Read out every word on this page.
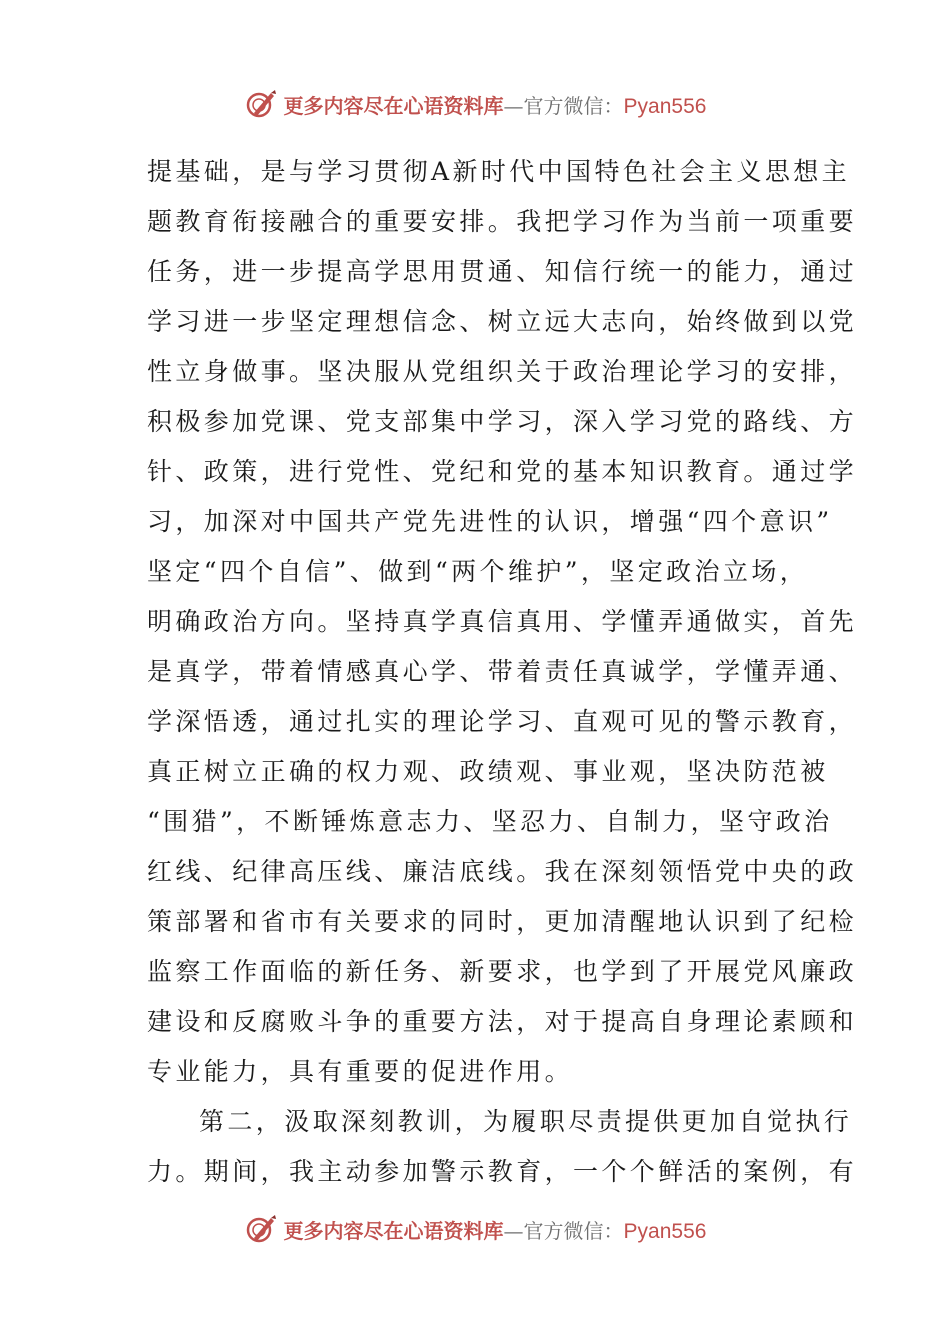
更多内容尽在心语资料库 — 官方微信： Pyan556
提基础，是与学习贯彻A新时代中国特色社会主义思想主
题教育衔接融合的重要安排。我把学习作为当前一项重要
任务，进一步提高学思用贯通、知信行统一的能力，通过
学习进一步坚定理想信念、树立远大志向，始终做到以党
性立身做事。坚决服从党组织关于政治理论学习的安排，
积极参加党课、党支部集中学习，深入学习党的路线、方
针、政策，进行党性、党纪和党的基本知识教育。通过学
习，加深对中国共产党先进性的认识，增强“四个意识”
坚定“四个自信”、做到“两个维护”，坚定政治立场，
明确政治方向。坚持真学真信真用、学懂弄通做实，首先
是真学，带着情感真心学、带着责任真诚学，学懂弄通、
学深悟透，通过扎实的理论学习、直观可见的警示教育，
真正树立正确的权力观、政绩观、事业观，坚决防范被
“围猎”，不断锤炼意志力、坚忍力、自制力，坚守政治
红线、纪律高压线、廉洁底线。我在深刻领悟党中央的政
策部署和省市有关要求的同时，更加清醒地认识到了纪检
监察工作面临的新任务、新要求，也学到了开展党风廉政
建设和反腐败斗争的重要方法，对于提高自身理论素顾和
专业能力，具有重要的促进作用。
第二，汲取深刻教训，为履职尽责提供更加自觉执行
力。期间，我主动参加警示教育，一个个鲜活的案例，有
更多内容尽在心语资料库 — 官方微信： Pyan556
